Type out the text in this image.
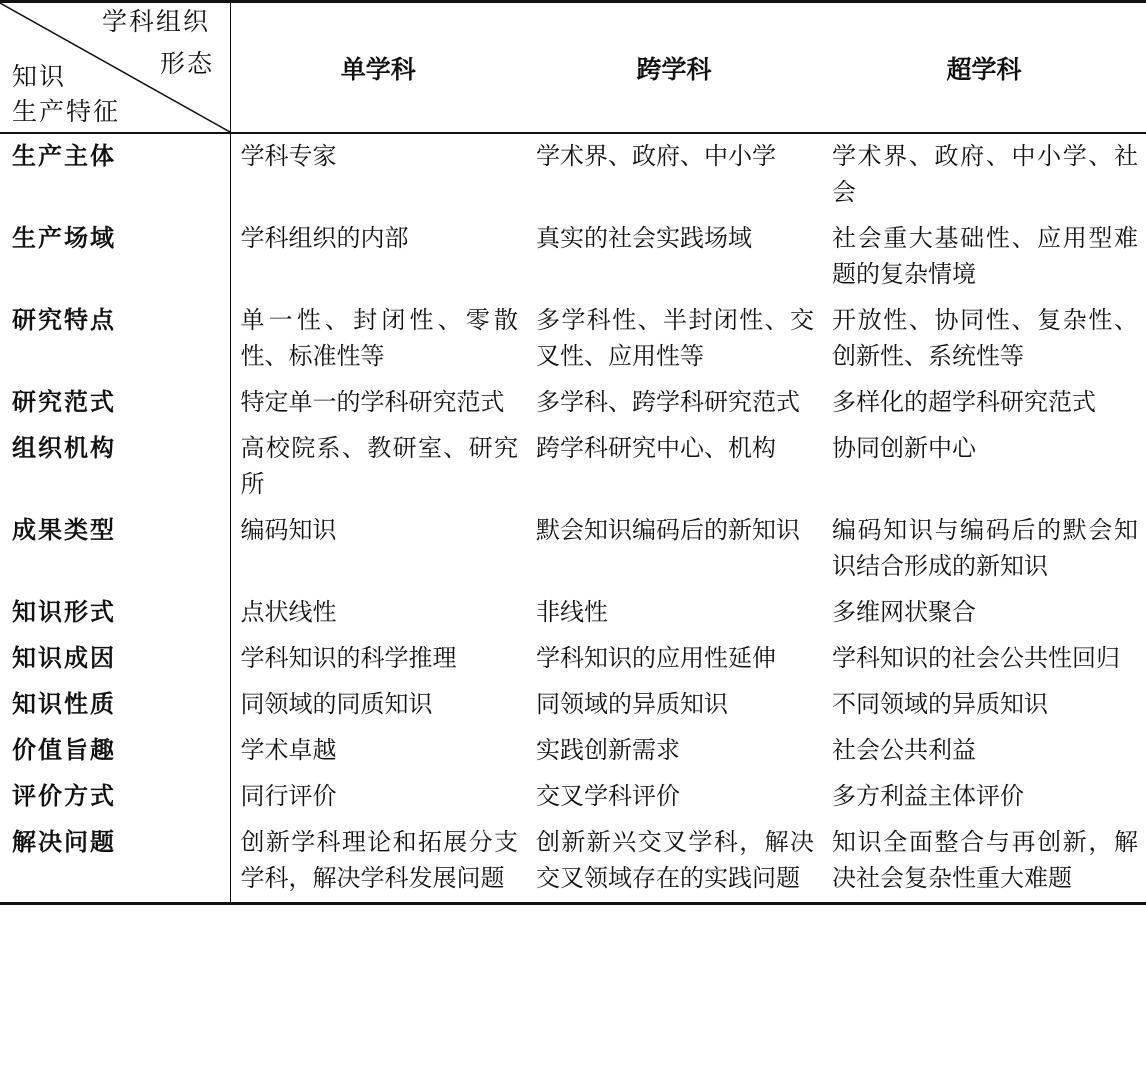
学科组织
形态
知识
生产特征	单学科	跨学科	超学科
生产主体	学科专家	学术界、政府、中小学	学术界、政府、中小学、社会
生产场域	学科组织的内部	真实的社会实践场域	社会重大基础性、应用型难题的复杂情境
研究特点	单一性、封闭性、零散性、标准性等	多学科性、半封闭性、交叉性、应用性等	开放性、协同性、复杂性、创新性、系统性等
研究范式	特定单一的学科研究范式	多学科、跨学科研究范式	多样化的超学科研究范式
组织机构	高校院系、教研室、研究所	跨学科研究中心、机构	协同创新中心
成果类型	编码知识	默会知识编码后的新知识	编码知识与编码后的默会知识结合形成的新知识
知识形式	点状线性	非线性	多维网状聚合
知识成因	学科知识的科学推理	学科知识的应用性延伸	学科知识的社会公共性回归
知识性质	同领域的同质知识	同领域的异质知识	不同领域的异质知识
价值旨趣	学术卓越	实践创新需求	社会公共利益
评价方式	同行评价	交叉学科评价	多方利益主体评价
解决问题	创新学科理论和拓展分支学科，解决学科发展问题	创新新兴交叉学科，解决交叉领域存在的实践问题	知识全面整合与再创新，解决社会复杂性重大难题
